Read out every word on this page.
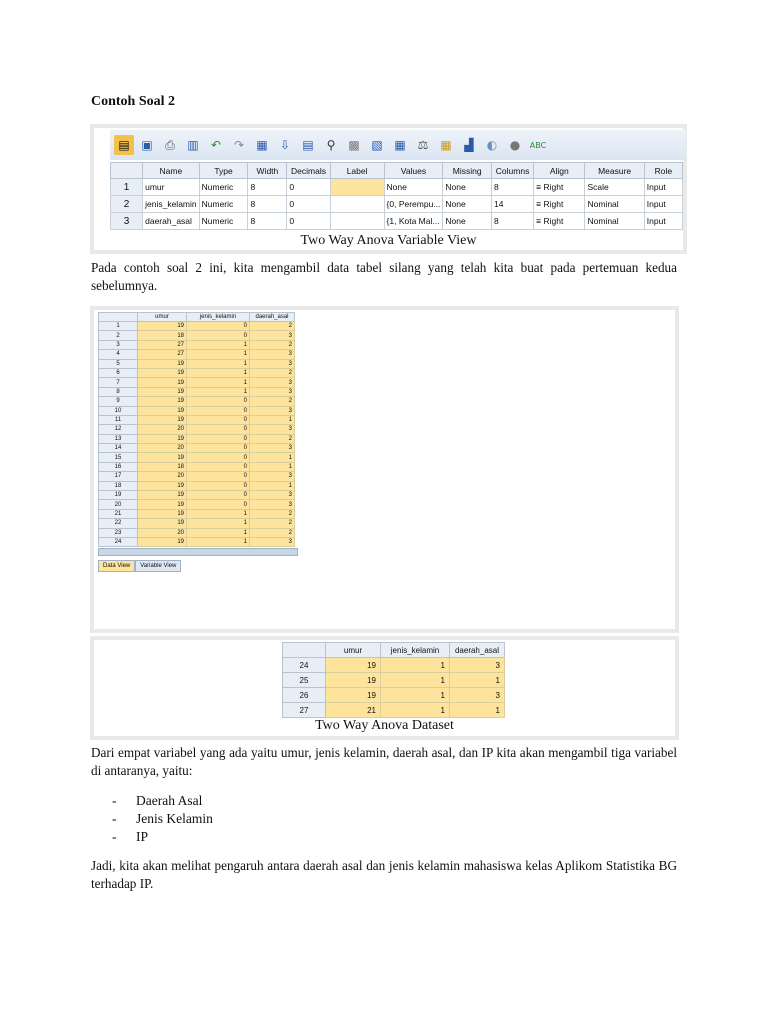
Contoh Soal 2
▤ ▣	⎙	▥	↶	↷	▦	⇩	▤	⚲	▩ ▧ ▦ ⚖ ▦	▟	◐	●	ABC
	Name	Type	Width	Decimals	Label	Values	Missing	Columns	Align	Measure	Role
1	umur	Numeric	8	0		None	None	8	≡ Right	Scale	Input
2	jenis_kelamin	Numeric	8	0		{0, Perempu...	None	14	≡ Right	Nominal	Input
3	daerah_asal	Numeric	8	0		{1, Kota Mal...	None	8	≡ Right	Nominal	Input
Two Way Anova Variable View
Pada contoh soal 2 ini, kita mengambil data tabel silang yang telah kita buat pada pertemuan kedua sebelumnya.
	umur	jenis_kelamin	daerah_asal
1	19	0	2
2	18	0	3
3	27	1	2
4	27	1	3
5	19	1	3
6	19	1	2
7	19	1	3
8	19	1	3
9	19	0	2
10	19	0	3
11	19	0	1
12	20	0	3
13	19	0	2
14	20	0	3
15	19	0	1
16	18	0	1
17	20	0	3
18	19	0	1
19	19	0	3
20	19	0	3
21	19	1	2
22	19	1	2
23	20	1	2
24	19	1	3
Data View	Variable View
	umur	jenis_kelamin	daerah_asal
24	19	1	3
25	19	1	1
26	19	1	3
27	21	1	1
Two Way Anova Dataset
Dari empat variabel yang ada yaitu umur, jenis kelamin, daerah asal, dan IP kita akan mengambil tiga variabel di antaranya, yaitu:
-	Daerah Asal
-	Jenis Kelamin
-	IP
Jadi, kita akan melihat pengaruh antara daerah asal dan jenis kelamin mahasiswa kelas Aplikom Statistika BG terhadap IP.
